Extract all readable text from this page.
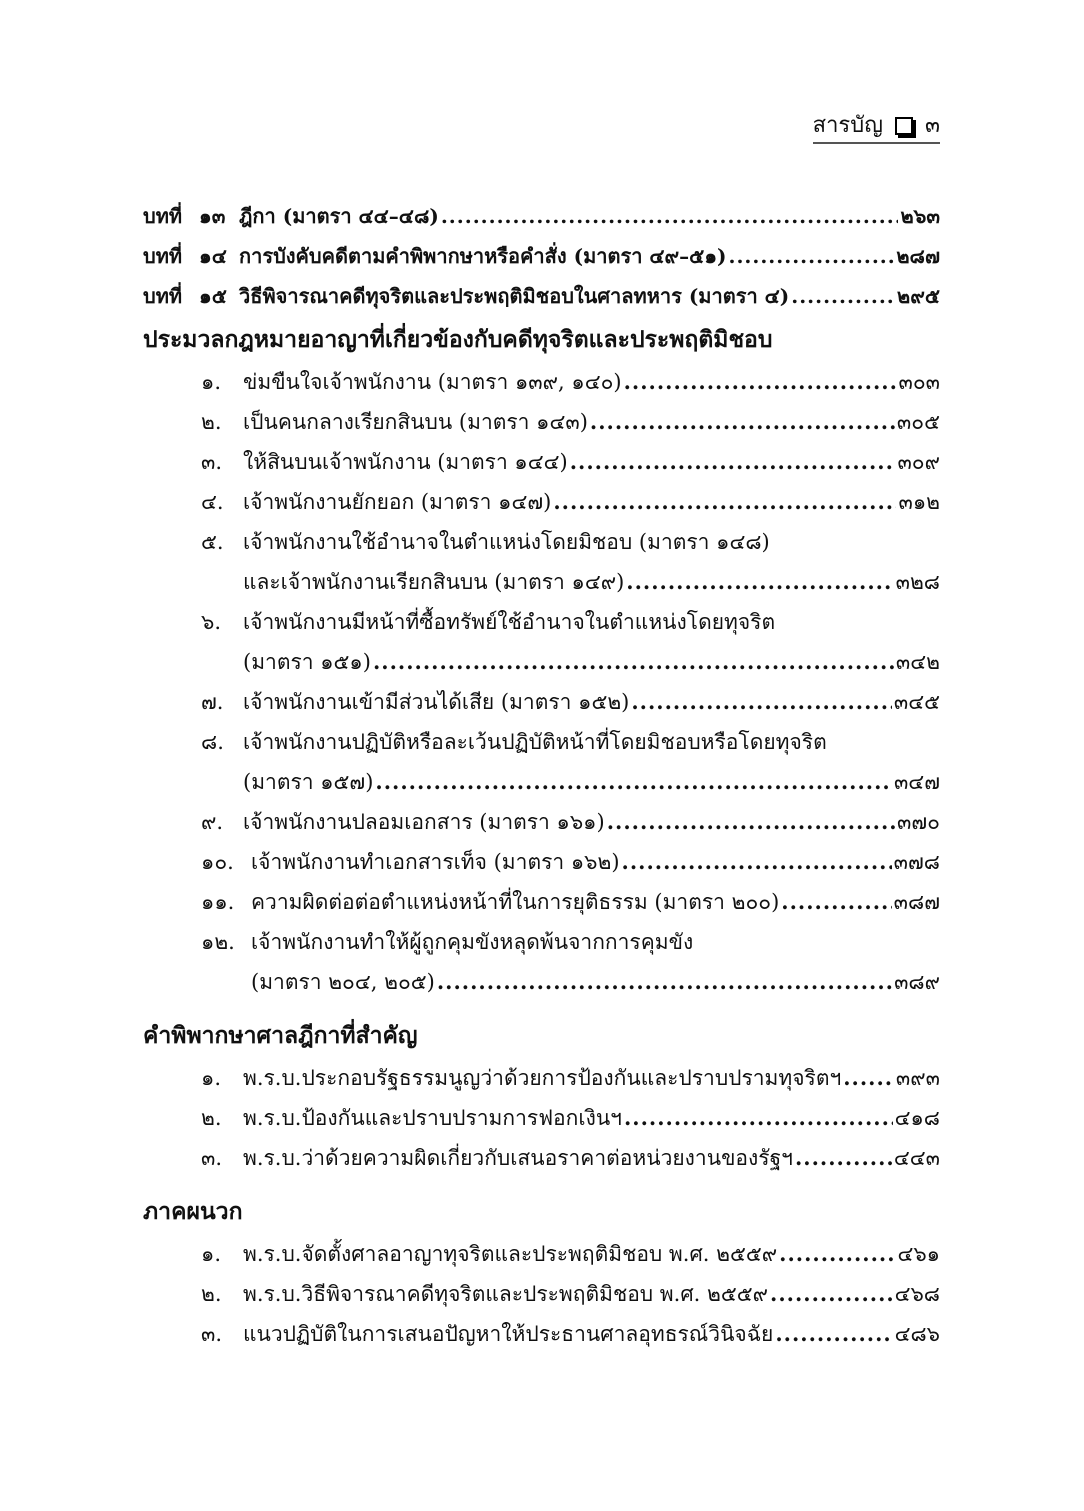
สารบัญ ๓
บทที่ ๑๓ ฎีกา (มาตรา ๔๔–๔๘) .....	๒๖๓
บทที่ ๑๔ การบังคับคดีตามคำพิพากษาหรือคำสั่ง (มาตรา ๔๙–๕๑) .....	๒๘๗
บทที่ ๑๕ วิธีพิจารณาคดีทุจริตและประพฤติมิชอบในศาลทหาร (มาตรา ๔) .....	๒๙๕
ประมวลกฎหมายอาญาที่เกี่ยวข้องกับคดีทุจริตและประพฤติมิชอบ
๑. ข่มขืนใจเจ้าพนักงาน (มาตรา ๑๓๙, ๑๔๐) .....	๓๐๓
๒. เป็นคนกลางเรียกสินบน (มาตรา ๑๔๓) .....	๓๐๕
๓. ให้สินบนเจ้าพนักงาน (มาตรา ๑๔๔) .....	๓๐๙
๔. เจ้าพนักงานยักยอก (มาตรา ๑๔๗) .....	๓๑๒
๕. เจ้าพนักงานใช้อำนาจในตำแหน่งโดยมิชอบ (มาตรา ๑๔๘)
และเจ้าพนักงานเรียกสินบน (มาตรา ๑๔๙) .....	๓๒๘
๖. เจ้าพนักงานมีหน้าที่ซื้อทรัพย์ใช้อำนาจในตำแหน่งโดยทุจริต
(มาตรา ๑๕๑) .....	๓๔๒
๗. เจ้าพนักงานเข้ามีส่วนได้เสีย (มาตรา ๑๕๒) .....	๓๔๕
๘. เจ้าพนักงานปฏิบัติหรือละเว้นปฏิบัติหน้าที่โดยมิชอบหรือโดยทุจริต
(มาตรา ๑๕๗) .....	๓๔๗
๙. เจ้าพนักงานปลอมเอกสาร (มาตรา ๑๖๑) .....	๓๗๐
๑๐. เจ้าพนักงานทำเอกสารเท็จ (มาตรา ๑๖๒) .....	๓๗๘
๑๑. ความผิดต่อต่อตำแหน่งหน้าที่ในการยุติธรรม (มาตรา ๒๐๐) .....	๓๘๗
๑๒. เจ้าพนักงานทำให้ผู้ถูกคุมขังหลุดพ้นจากการคุมขัง
(มาตรา ๒๐๔, ๒๐๕) .....	๓๘๙
คำพิพากษาศาลฎีกาที่สำคัญ
๑. พ.ร.บ.ประกอบรัฐธรรมนูญว่าด้วยการป้องกันและปราบปรามทุจริตฯ .....	๓๙๓
๒. พ.ร.บ.ป้องกันและปราบปรามการฟอกเงินฯ .....	๔๑๘
๓. พ.ร.บ.ว่าด้วยความผิดเกี่ยวกับเสนอราคาต่อหน่วยงานของรัฐฯ .....	๔๔๓
ภาคผนวก
๑. พ.ร.บ.จัดตั้งศาลอาญาทุจริตและประพฤติมิชอบ พ.ศ. ๒๕๕๙ .....	๔๖๑
๒. พ.ร.บ.วิธีพิจารณาคดีทุจริตและประพฤติมิชอบ พ.ศ. ๒๕๕๙ .....	๔๖๘
๓. แนวปฏิบัติในการเสนอปัญหาให้ประธานศาลอุทธรณ์วินิจฉัย .....	๔๘๖
